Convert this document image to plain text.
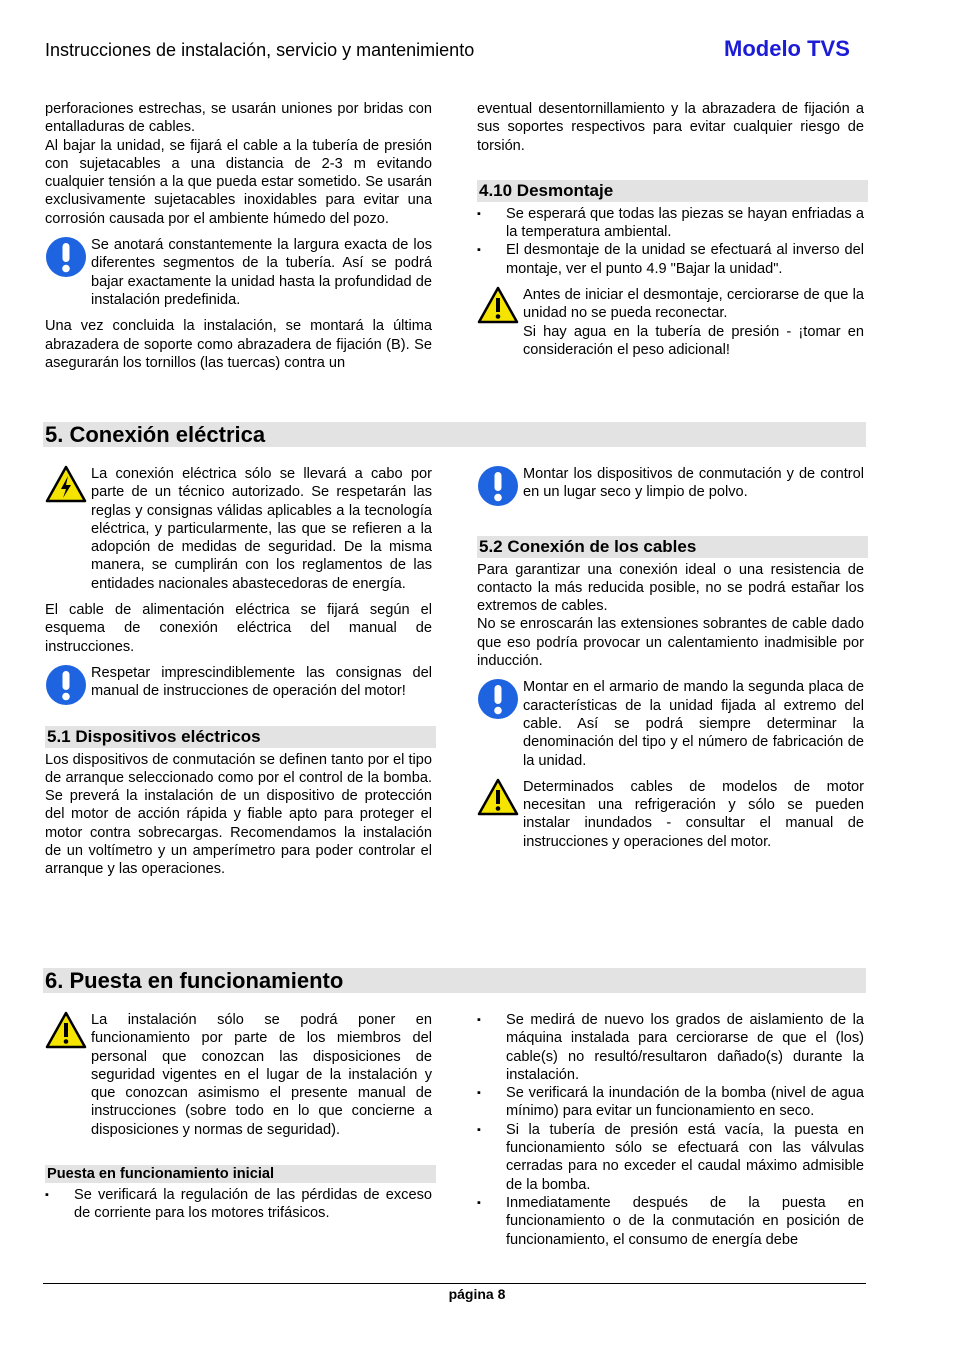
Instrucciones de instalación, servicio y mantenimiento	Modelo TVS

perforaciones estrechas, se usarán uniones por bridas con entalladuras de cables.

Al bajar la unidad, se fijará el cable a la tubería de presión con sujetacables a una distancia de 2-3 m evitando cualquier tensión a la que pueda estar sometido. Se usarán exclusivamente sujetacables inoxidables para evitar una corrosión causada por el ambiente húmedo del pozo.

Se anotará constantemente la largura exacta de los diferentes segmentos de la tubería. Así se podrá bajar exactamente la unidad hasta la profundidad de instalación predefinida.

Una vez concluida la instalación, se montará la última abrazadera de soporte como abrazadera de fijación (B). Se asegurarán los tornillos (las tuercas) contra un

eventual desentornillamiento y la abrazadera de fijación a sus soportes respectivos para evitar cualquier riesgo de torsión.

4.10 Desmontaje
▪ Se esperará que todas las piezas se hayan enfriadas a la temperatura ambiental.
▪ El desmontaje de la unidad se efectuará al inverso del montaje, ver el punto 4.9 "Bajar la unidad".

Antes de iniciar el desmontaje, cerciorarse de que la unidad no se pueda reconectar.

Si hay agua en la tubería de presión - ¡tomar en consideración el peso adicional!

5. Conexión eléctrica

La conexión eléctrica sólo se llevará a cabo por parte de un técnico autorizado. Se respetarán las reglas y consignas válidas aplicables a la tecnología eléctrica, y particularmente, las que se refieren a la adopción de medidas de seguridad. De la misma manera, se cumplirán con los reglamentos de las entidades nacionales abastecedoras de energía.

El cable de alimentación eléctrica se fijará según el esquema de conexión eléctrica del manual de instrucciones.

Respetar imprescindiblemente las consignas del manual de instrucciones de operación del motor!

5.1 Dispositivos eléctricos

Los dispositivos de conmutación se definen tanto por el tipo de arranque seleccionado como por el control de la bomba. Se preverá la instalación de un dispositivo de protección del motor de acción rápida y fiable apto para proteger el motor contra sobrecargas. Recomendamos la instalación de un voltímetro y un amperímetro para poder controlar el arranque y las operaciones.

Montar los dispositivos de conmutación y de control en un lugar seco y limpio de polvo.

5.2 Conexión de los cables

Para garantizar una conexión ideal o una resistencia de contacto la más reducida posible, no se podrá estañar los extremos de cables.

No se enroscarán las extensiones sobrantes de cable dado que eso podría provocar un calentamiento inadmisible por inducción.

Montar en el armario de mando la segunda placa de características de la unidad fijada al extremo del cable. Así se podrá siempre determinar la denominación del tipo y el número de fabricación de la unidad.

Determinados cables de modelos de motor necesitan una refrigeración y sólo se pueden instalar inundados - consultar el manual de instrucciones y operaciones del motor.

6. Puesta en funcionamiento

La instalación sólo se podrá poner en funcionamiento por parte de los miembros del personal que conozcan las disposiciones de seguridad vigentes en el lugar de la instalación y que conozcan asimismo el presente manual de instrucciones (sobre todo en lo que concierne a disposiciones y normas de seguridad).

Puesta en funcionamiento inicial
▪ Se verificará la regulación de las pérdidas de exceso de corriente para los motores trifásicos.
▪ Se medirá de nuevo los grados de aislamiento de la máquina instalada para cerciorarse de que el (los) cable(s) no resultó/resultaron dañado(s) durante la instalación.
▪ Se verificará la inundación de la bomba (nivel de agua mínimo) para evitar un funcionamiento en seco.
▪ Si la tubería de presión está vacía, la puesta en funcionamiento sólo se efectuará con las válvulas cerradas para no exceder el caudal máximo admisible de la bomba.
▪ Inmediatamente después de la puesta en funcionamiento o de la conmutación en posición de funcionamiento, el consumo de energía debe
página 8
